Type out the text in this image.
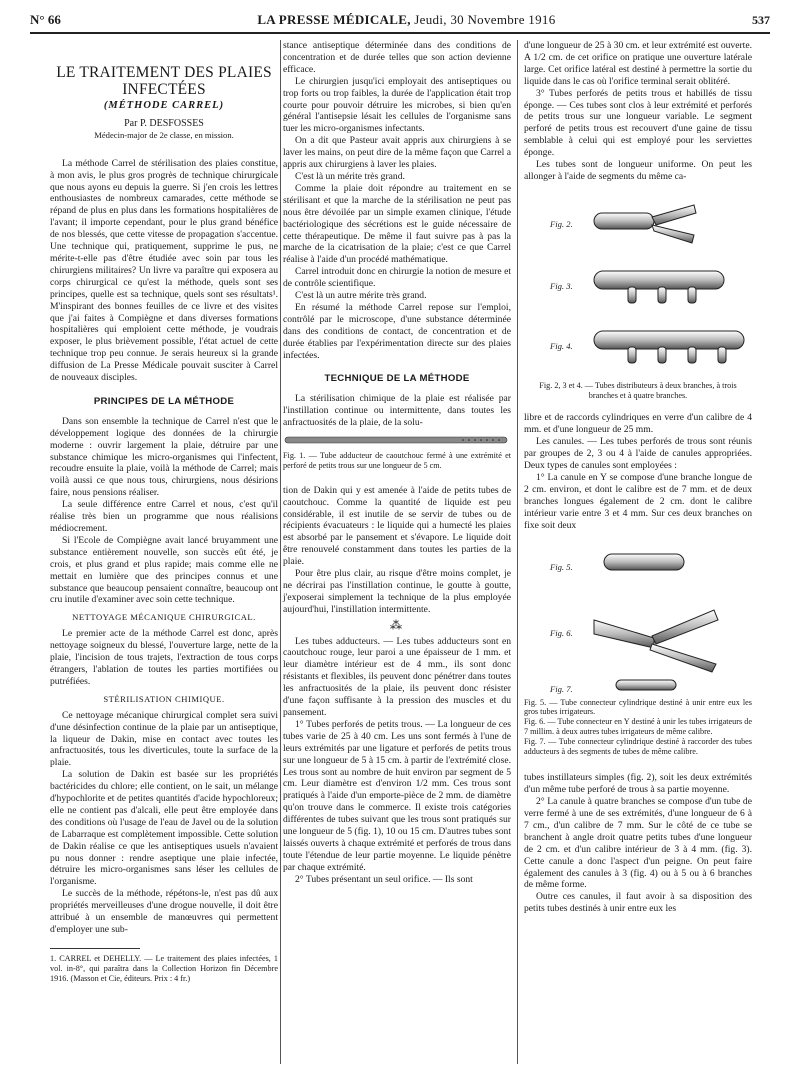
N° 66	LA PRESSE MÉDICALE, Jeudi, 30 Novembre 1916	537
LE TRAITEMENT DES PLAIES INFECTÉES
(MÉTHODE CARREL)
Par P. DESFOSSES
Médecin-major de 2e classe, en mission.

La méthode Carrel de stérilisation des plaies constitue, à mon avis, le plus gros progrès de technique chirurgicale que nous ayons eu depuis la guerre. Si j'en crois les lettres enthousiastes de nombreux camarades, cette méthode se répand de plus en plus dans les formations hospitalières de l'avant; il importe cependant, pour le plus grand bénéfice de nos blessés, que cette vitesse de propagation s'accentue. Une technique qui, pratiquement, supprime le pus, ne mérite-t-elle pas d'être étudiée avec soin par tous les chirurgiens militaires? Un livre va paraître qui exposera au corps chirurgical ce qu'est la méthode, quels sont ses principes, quelle est sa technique, quels sont ses résultats¹. M'inspirant des bonnes feuilles de ce livre et des visites que j'ai faites à Compiègne et dans diverses formations hospitalières qui emploient cette méthode, je voudrais exposer, le plus brièvement possible, l'état actuel de cette technique trop peu connue. Je serais heureux si la grande diffusion de La Presse Médicale pouvait susciter à Carrel de nouveaux disciples.

PRINCIPES DE LA MÉTHODE

Dans son ensemble la technique de Carrel n'est que le développement logique des données de la chirurgie moderne : ouvrir largement la plaie, détruire par une substance chimique les micro-organismes qui l'infectent, recoudre ensuite la plaie, voilà la méthode de Carrel; mais voilà aussi ce que nous tous, chirurgiens, nous désirions faire, nous pensions réaliser.

La seule différence entre Carrel et nous, c'est qu'il réalise très bien un programme que nous réalisions médiocrement.

Si l'Ecole de Compiègne avait lancé bruyamment une substance entièrement nouvelle, son succès eût été, je crois, et plus grand et plus rapide; mais comme elle ne mettait en lumière que des principes connus et une substance que beaucoup pensaient connaître, beaucoup ont cru inutile d'examiner avec soin cette technique.

NETTOYAGE MÉCANIQUE CHIRURGICAL.

Le premier acte de la méthode Carrel est donc, après nettoyage soigneux du blessé, l'ouverture large, nette de la plaie, l'incision de tous trajets, l'extraction de tous corps étrangers, l'ablation de toutes les parties mortifiées ou putréfiées.

STÉRILISATION CHIMIQUE.

Ce nettoyage mécanique chirurgical complet sera suivi d'une désinfection continue de la plaie par un antiseptique, la liqueur de Dakin, mise en contact avec toutes les anfractuosités, tous les diverticules, toute la surface de la plaie.

La solution de Dakin est basée sur les propriétés bactéricides du chlore; elle contient, on le sait, un mélange d'hypochlorite et de petites quantités d'acide hypochloreux; elle ne contient pas d'alcali, elle peut être employée dans des conditions où l'usage de l'eau de Javel ou de la solution de Labarraque est complètement impossible. Cette solution de Dakin réalise ce que les antiseptiques usuels n'avaient pu nous donner : rendre aseptique une plaie infectée, détruire les micro-organismes sans léser les cellules de l'organisme.

Le succès de la méthode, répétons-le, n'est pas dû aux propriétés merveilleuses d'une drogue nouvelle, il doit être attribué à un ensemble de manœuvres qui permettent d'employer une sub-

1. CARREL et DEHELLY. — Le traitement des plaies infectées, 1 vol. in-8°, qui paraîtra dans la Collection Horizon fin Décembre 1916. (Masson et Cie, éditeurs. Prix : 4 fr.)

stance antiseptique déterminée dans des conditions de concentration et de durée telles que son action devienne efficace.

Le chirurgien jusqu'ici employait des antiseptiques ou trop forts ou trop faibles, la durée de l'application était trop courte pour pouvoir détruire les microbes, si bien qu'en général l'antisepsie lésait les cellules de l'organisme sans tuer les micro-organismes infectants.

On a dit que Pasteur avait appris aux chirurgiens à se laver les mains, on peut dire de la même façon que Carrel a appris aux chirurgiens à laver les plaies.

C'est là un mérite très grand.

Comme la plaie doit répondre au traitement en se stérilisant et que la marche de la stérilisation ne peut pas nous être dévoilée par un simple examen clinique, l'étude bactériologique des sécrétions est le guide nécessaire de cette thérapeutique. De même il faut suivre pas à pas la marche de la cicatrisation de la plaie; c'est ce que Carrel réalise à l'aide d'un procédé mathématique.

Carrel introduit donc en chirurgie la notion de mesure et de contrôle scientifique.

C'est là un autre mérite très grand.

En résumé la méthode Carrel repose sur l'emploi, contrôlé par le microscope, d'une substance déterminée dans des conditions de contact, de concentration et de durée établies par l'expérimentation directe sur des plaies infectées.

TECHNIQUE DE LA MÉTHODE

La stérilisation chimique de la plaie est réalisée par l'instillation continue ou intermittente, dans toutes les anfractuosités de la plaie, de la solu-

Fig. 1. — Tube adducteur de caoutchouc fermé à une extrémité et perforé de petits trous sur une longueur de 5 cm.

tion de Dakin qui y est amenée à l'aide de petits tubes de caoutchouc. Comme la quantité de liquide est peu considérable, il est inutile de se servir de tubes ou de récipients évacuateurs : le liquide qui a humecté les plaies est absorbé par le pansement et s'évapore. Le liquide doit être renouvelé constamment dans toutes les parties de la plaie.

Pour être plus clair, au risque d'être moins complet, je ne décrirai pas l'instillation continue, le goutte à goutte, j'exposerai simplement la technique de la plus employée aujourd'hui, l'instillation intermittente.

⁂

Les tubes adducteurs. — Les tubes adducteurs sont en caoutchouc rouge, leur paroi a une épaisseur de 1 mm. et leur diamètre intérieur est de 4 mm., ils sont donc résistants et flexibles, ils peuvent donc pénétrer dans toutes les anfractuosités de la plaie, ils peuvent donc résister d'une façon suffisante à la pression des muscles et du pansement.

1° Tubes perforés de petits trous. — La longueur de ces tubes varie de 25 à 40 cm. Les uns sont fermés à l'une de leurs extrémités par une ligature et perforés de petits trous sur une longueur de 5 à 15 cm. à partir de l'extrémité close. Les trous sont au nombre de huit environ par segment de 5 cm. Leur diamètre est d'environ 1/2 mm. Ces trous sont pratiqués à l'aide d'un emporte-pièce de 2 mm. de diamètre qu'on trouve dans le commerce. Il existe trois catégories différentes de tubes suivant que les trous sont pratiqués sur une longueur de 5 (fig. 1), 10 ou 15 cm. D'autres tubes sont laissés ouverts à chaque extrémité et perforés de trous dans toute l'étendue de leur partie moyenne. Le liquide pénètre par chaque extrémité.

2° Tubes présentant un seul orifice. — Ils sont

d'une longueur de 25 à 30 cm. et leur extrémité est ouverte. A 1/2 cm. de cet orifice on pratique une ouverture latérale large. Cet orifice latéral est destiné à permettre la sortie du liquide dans le cas où l'orifice terminal serait oblitéré.

3° Tubes perforés de petits trous et habillés de tissu éponge. — Ces tubes sont clos à leur extrémité et perforés de petits trous sur une longueur variable. Le segment perforé de petits trous est recouvert d'une gaine de tissu semblable à celui qui est employé pour les serviettes éponge.

Les tubes sont de longueur uniforme. On peut les allonger à l'aide de segments du même ca-

Fig. 2.
Fig. 3.
Fig. 4.
Fig. 2, 3 et 4. — Tubes distributeurs à deux branches, à trois branches et à quatre branches.

libre et de raccords cylindriques en verre d'un calibre de 4 mm. et d'une longueur de 25 mm.

Les canules. — Les tubes perforés de trous sont réunis par groupes de 2, 3 ou 4 à l'aide de canules appropriées. Deux types de canules sont employées :

1° La canule en Y se compose d'une branche longue de 2 cm. environ, et dont le calibre est de 7 mm. et de deux branches longues également de 2 cm. dont le calibre intérieur varie entre 3 et 4 mm. Sur ces deux branches on fixe soit deux

Fig. 5.
Fig. 6.
Fig. 7.
Fig. 5. — Tube connecteur cylindrique destiné à unir entre eux les gros tubes irrigateurs.
Fig. 6. — Tube connecteur en Y destiné à unir les tubes irrigateurs de 7 millim. à deux autres tubes irrigateurs de même calibre.
Fig. 7. — Tube connecteur cylindrique destiné à raccorder des tubes adducteurs à des segments de tubes de même calibre.

tubes instillateurs simples (fig. 2), soit les deux extrémités d'un même tube perforé de trous à sa partie moyenne.

2° La canule à quatre branches se compose d'un tube de verre fermé à une de ses extrémités, d'une longueur de 6 à 7 cm., d'un calibre de 7 mm. Sur le côté de ce tube se branchent à angle droit quatre petits tubes d'une longueur de 2 cm. et d'un calibre intérieur de 3 à 4 mm. (fig. 3). Cette canule a donc l'aspect d'un peigne. On peut faire également des canules à 3 (fig. 4) ou à 5 ou à 6 branches de même forme.

Outre ces canules, il faut avoir à sa disposition des petits tubes destinés à unir entre eux les
